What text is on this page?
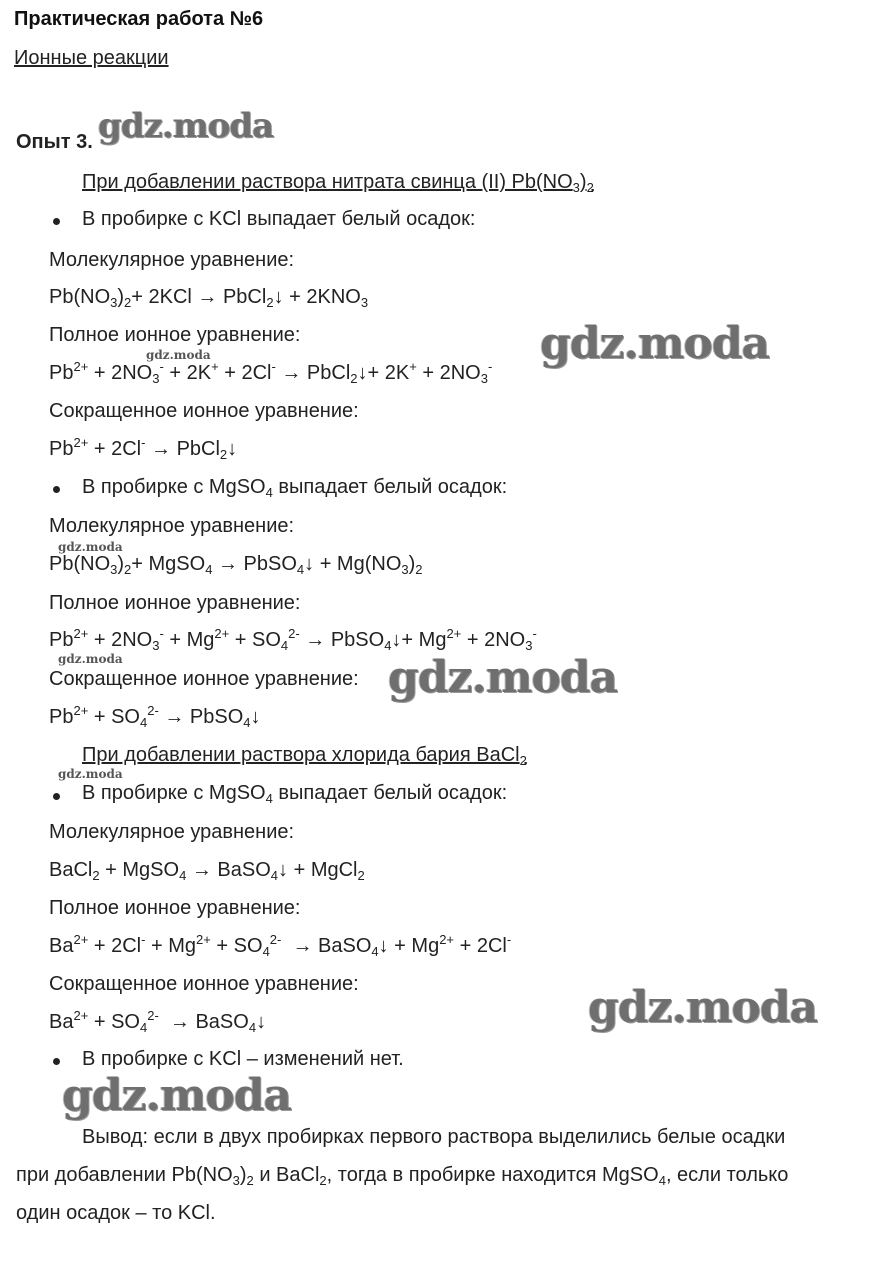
Практическая работа №6
Ионные реакции
Опыт 3.
При добавлении раствора нитрата свинца (II) $Pb(NO_3)_2$
В пробирке с KCl выпадает белый осадок:
Молекулярное уравнение:
$Pb(NO_3)_2+ 2KCl$ → PbCl$_2$↓ + $2KNO_3$
Полное ионное уравнение:
$Pb^{2+} + 2NO_3^- + 2K^+ + 2Cl^-$ → PbCl$_2$↓+ $2K^+ + 2NO_3^-$
Сокращенное ионное уравнение:
$Pb^{2+} + 2Cl^-$ → PbCl$_2$↓
В пробирке с MgSO$_4$ выпадает белый осадок:
Молекулярное уравнение:
$Pb(NO_3)_2+$ MgSO$_4$ → PbSO$_4$↓ + $Mg(NO_3)_2$
Полное ионное уравнение:
$Pb^{2+} + 2NO_3^- + Mg^{2+} + SO_4^{2-}$ → PbSO$_4$↓+ $Mg^{2+} + 2NO_3^-$
Сокращенное ионное уравнение:
$Pb^{2+} + SO_4^{2-}$ → PbSO$_4$↓
При добавлении раствора хлорида бария BaCl$_2$
В пробирке с MgSO$_4$ выпадает белый осадок:
Молекулярное уравнение:
BaCl$_2$ + MgSO$_4$ → BaSO$_4$↓ + MgCl$_2$
Полное ионное уравнение:
$Ba^{2+} + 2Cl^- + Mg^{2+} + SO_4^{2-}$  → BaSO$_4$↓ + $Mg^{2+} + 2Cl^-$
Сокращенное ионное уравнение:
$Ba^{2+} + SO_4^{2-}$  → BaSO$_4$↓
В пробирке с KCl – изменений нет.
Вывод: если в двух пробирках первого раствора выделились белые осадки
при добавлении $Pb(NO_3)_2$ и BaCl$_2$, тогда в пробирке находится MgSO$_4$, если только
один осадок – то KCl.
gdz.moda
gdz.moda
gdz.moda
gdz.moda
gdz.moda	gdz.moda
gdz.moda
gdz.moda
gdz.moda
